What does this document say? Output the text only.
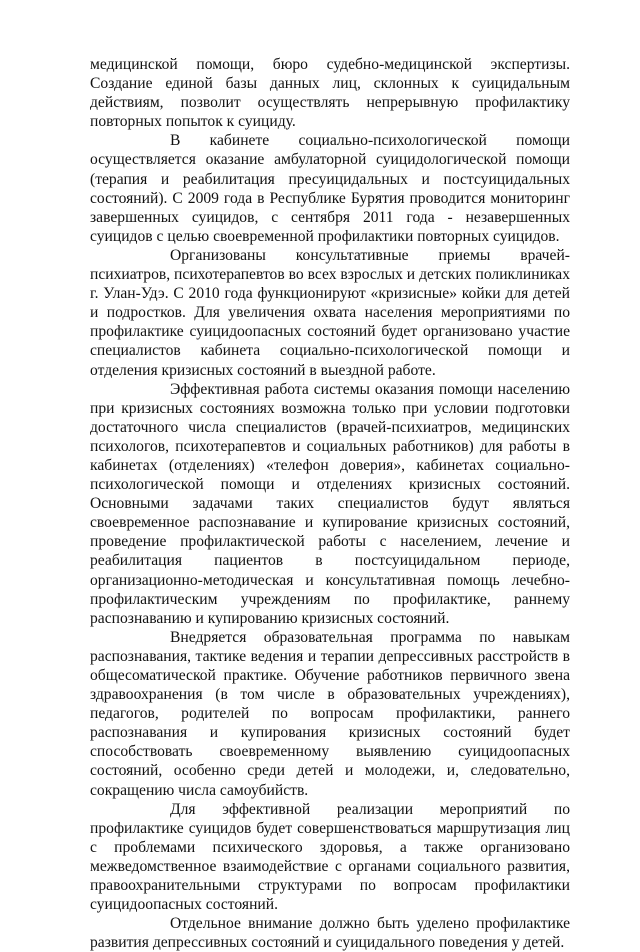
медицинской помощи, бюро судебно-медицинской экспертизы. Создание единой базы данных лиц, склонных к суицидальным действиям, позволит осуществлять непрерывную профилактику повторных попыток к суициду.

В кабинете социально-психологической помощи осуществляется оказание амбулаторной суицидологической помощи (терапия и реабилитация пресуицидальных и постсуицидальных состояний). С 2009 года в Республике Бурятия проводится мониторинг завершенных суицидов, с сентября 2011 года - незавершенных суицидов с целью своевременной профилактики повторных суицидов.

Организованы консультативные приемы врачей-психиатров, психотерапевтов во всех взрослых и детских поликлиниках г. Улан-Удэ. С 2010 года функционируют «кризисные» койки для детей и подростков. Для увеличения охвата населения мероприятиями по профилактике суицидоопасных состояний будет организовано участие специалистов кабинета социально-психологической помощи и отделения кризисных состояний в выездной работе.

Эффективная работа системы оказания помощи населению при кризисных состояниях возможна только при условии подготовки достаточного числа специалистов (врачей-психиатров, медицинских психологов, психотерапевтов и социальных работников) для работы в кабинетах (отделениях) «телефон доверия», кабинетах социально-психологической помощи и отделениях кризисных состояний. Основными задачами таких специалистов будут являться своевременное распознавание и купирование кризисных состояний, проведение профилактической работы с населением, лечение и реабилитация пациентов в постсуицидальном периоде, организационно-методическая и консультативная помощь лечебно-профилактическим учреждениям по профилактике, раннему распознаванию и купированию кризисных состояний.

Внедряется образовательная программа по навыкам распознавания, тактике ведения и терапии депрессивных расстройств в общесоматической практике. Обучение работников первичного звена здравоохранения (в том числе в образовательных учреждениях), педагогов, родителей по вопросам профилактики, раннего распознавания и купирования кризисных состояний будет способствовать своевременному выявлению суицидоопасных состояний, особенно среди детей и молодежи, и, следовательно, сокращению числа самоубийств.

Для эффективной реализации мероприятий по профилактике суицидов будет совершенствоваться маршрутизация лиц с проблемами психического здоровья, а также организовано межведомственное взаимодействие с органами социального развития, правоохранительными структурами по вопросам профилактики суицидоопасных состояний.

Отдельное внимание должно быть уделено профилактике развития депрессивных состояний и суицидального поведения у детей.
